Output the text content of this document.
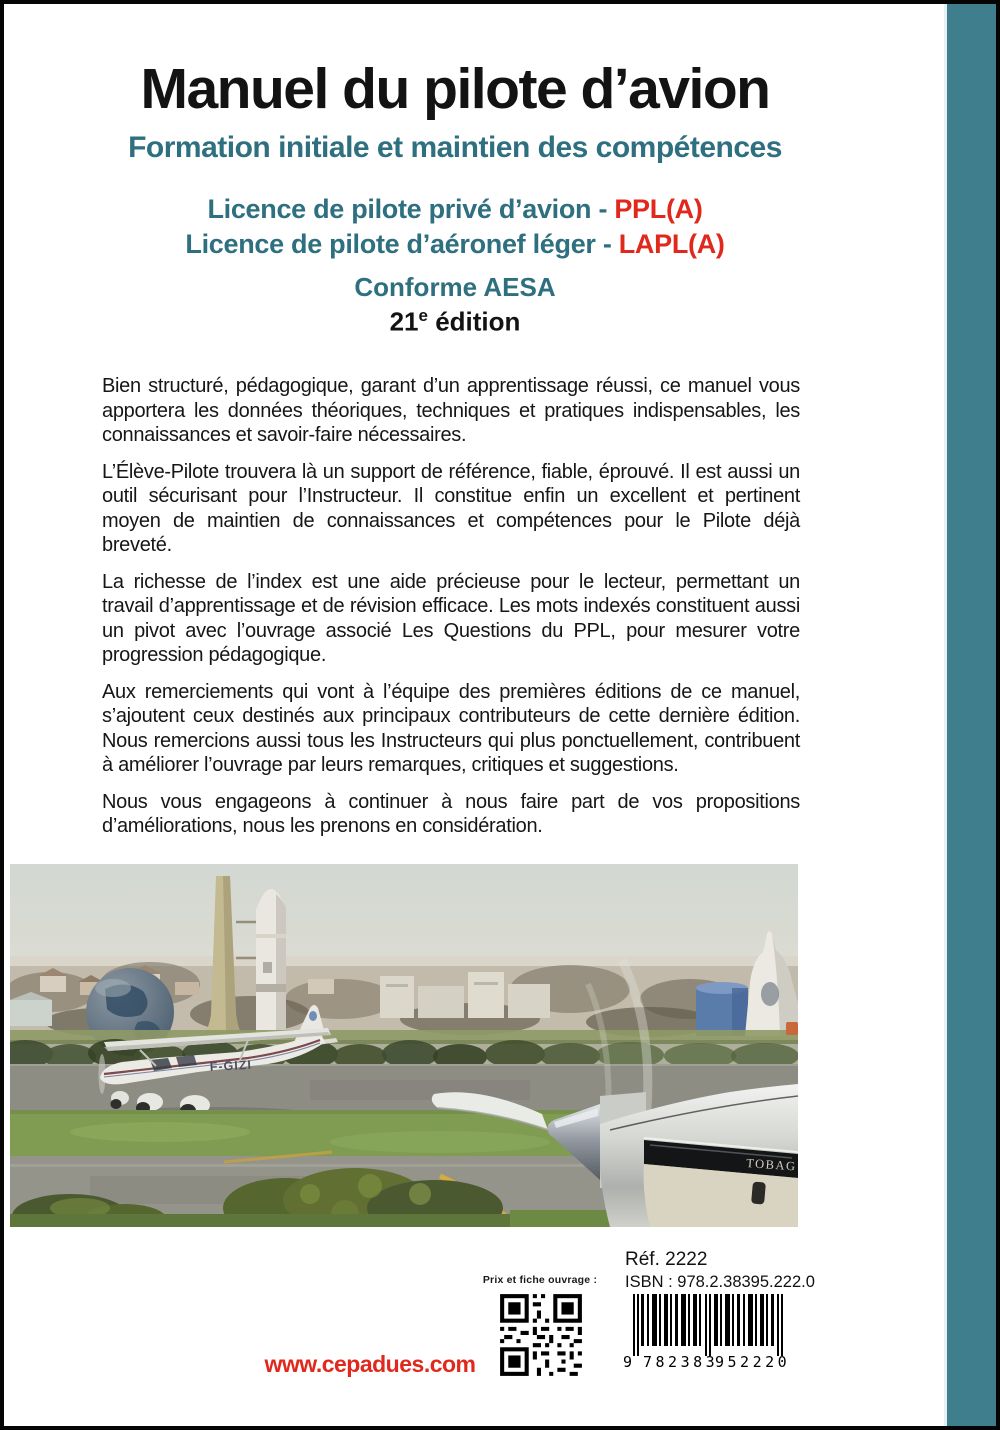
Manuel du pilote d’avion
Formation initiale et maintien des compétences
Licence de pilote privé d’avion - PPL(A)
Licence de pilote d’aéronef léger - LAPL(A)
Conforme AESA
21e édition

Bien structuré, pédagogique, garant d’un apprentissage réussi, ce manuel vous apportera les données théoriques, techniques et pratiques indispensables, les connaissances et savoir-faire nécessaires.

L’Élève-Pilote trouvera là un support de référence, fiable, éprouvé. Il est aussi un outil sécurisant pour l’Instructeur. Il constitue enfin un excellent et pertinent moyen de maintien de connaissances et compétences pour le Pilote déjà breveté.

La richesse de l’index est une aide précieuse pour le lecteur, permettant un travail d’apprentissage et de révision efficace. Les mots indexés constituent aussi un pivot avec l’ouvrage associé Les Questions du PPL, pour mesurer votre progression pédagogique.

Aux remerciements qui vont à l’équipe des premières éditions de ce manuel, s’ajoutent ceux destinés aux principaux contributeurs de cette dernière édition. Nous remercions aussi tous les Instructeurs qui plus ponctuellement, contribuent à améliorer l’ouvrage par leurs remarques, critiques et suggestions.

Nous vous engageons à continuer à nous faire part de vos propositions d’améliorations, nous les prenons en considération.

F-GIZI
TOBAG
Prix et fiche ouvrage :
Réf. 2222
ISBN : 978.2.38395.222.0
9 782383
952220
www.cepadues.com
